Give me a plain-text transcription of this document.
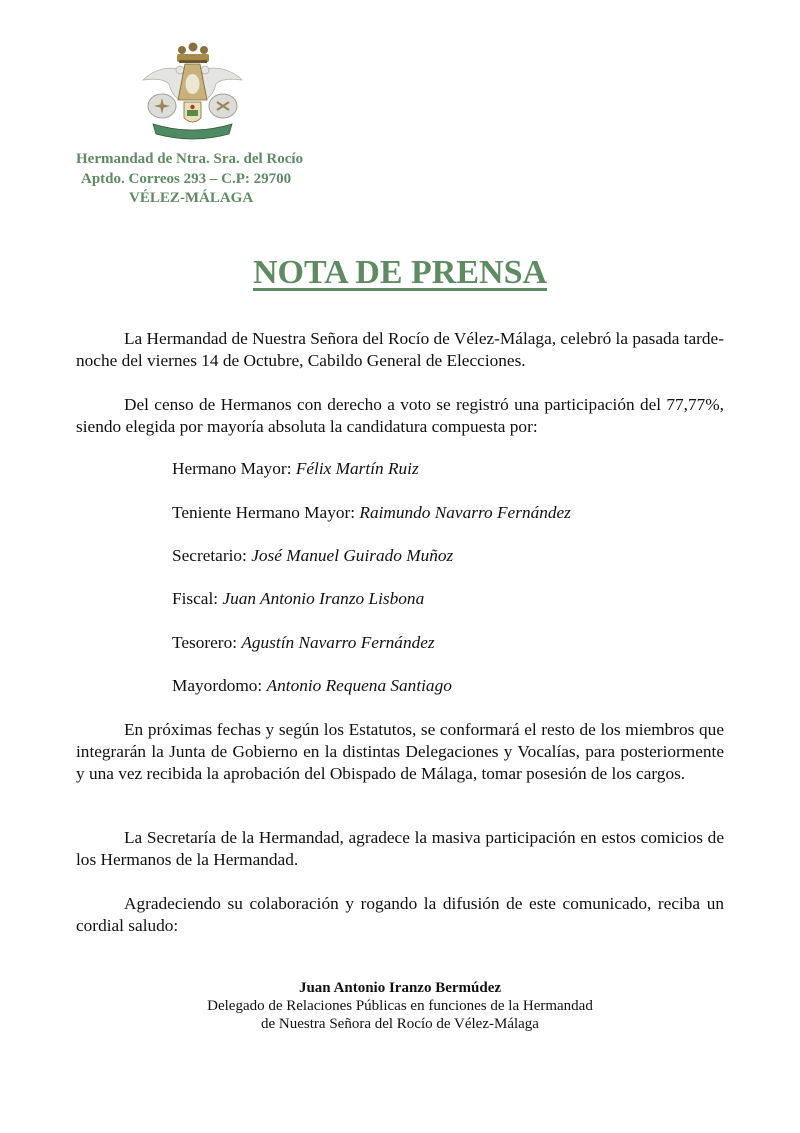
Hermandad de Ntra. Sra. del Rocío
Aptdo. Correos 293 – C.P: 29700
VÉLEZ-MÁLAGA
NOTA DE PRENSA
La Hermandad de Nuestra Señora del Rocío de Vélez-Málaga, celebró la pasada tarde-noche del viernes 14 de Octubre, Cabildo General de Elecciones.
Del censo de Hermanos con derecho a voto se registró una participación del 77,77%, siendo elegida por mayoría absoluta la candidatura compuesta por:
Hermano Mayor: Félix Martín Ruiz
Teniente Hermano Mayor: Raimundo Navarro Fernández
Secretario: José Manuel Guirado Muñoz
Fiscal: Juan Antonio Iranzo Lisbona
Tesorero: Agustín Navarro Fernández
Mayordomo: Antonio Requena Santiago
En próximas fechas y según los Estatutos, se conformará el resto de los miembros que integrarán la Junta de Gobierno en la distintas Delegaciones y Vocalías, para posteriormente y una vez recibida la aprobación del Obispado de Málaga, tomar posesión de los cargos.
La Secretaría de la Hermandad, agradece la masiva participación en estos comicios de los Hermanos de la Hermandad.
Agradeciendo su colaboración y rogando la difusión de este comunicado, reciba un cordial saludo:
Juan Antonio Iranzo Bermúdez
Delegado de Relaciones Públicas en funciones de la Hermandad
de Nuestra Señora del Rocío de Vélez-Málaga
